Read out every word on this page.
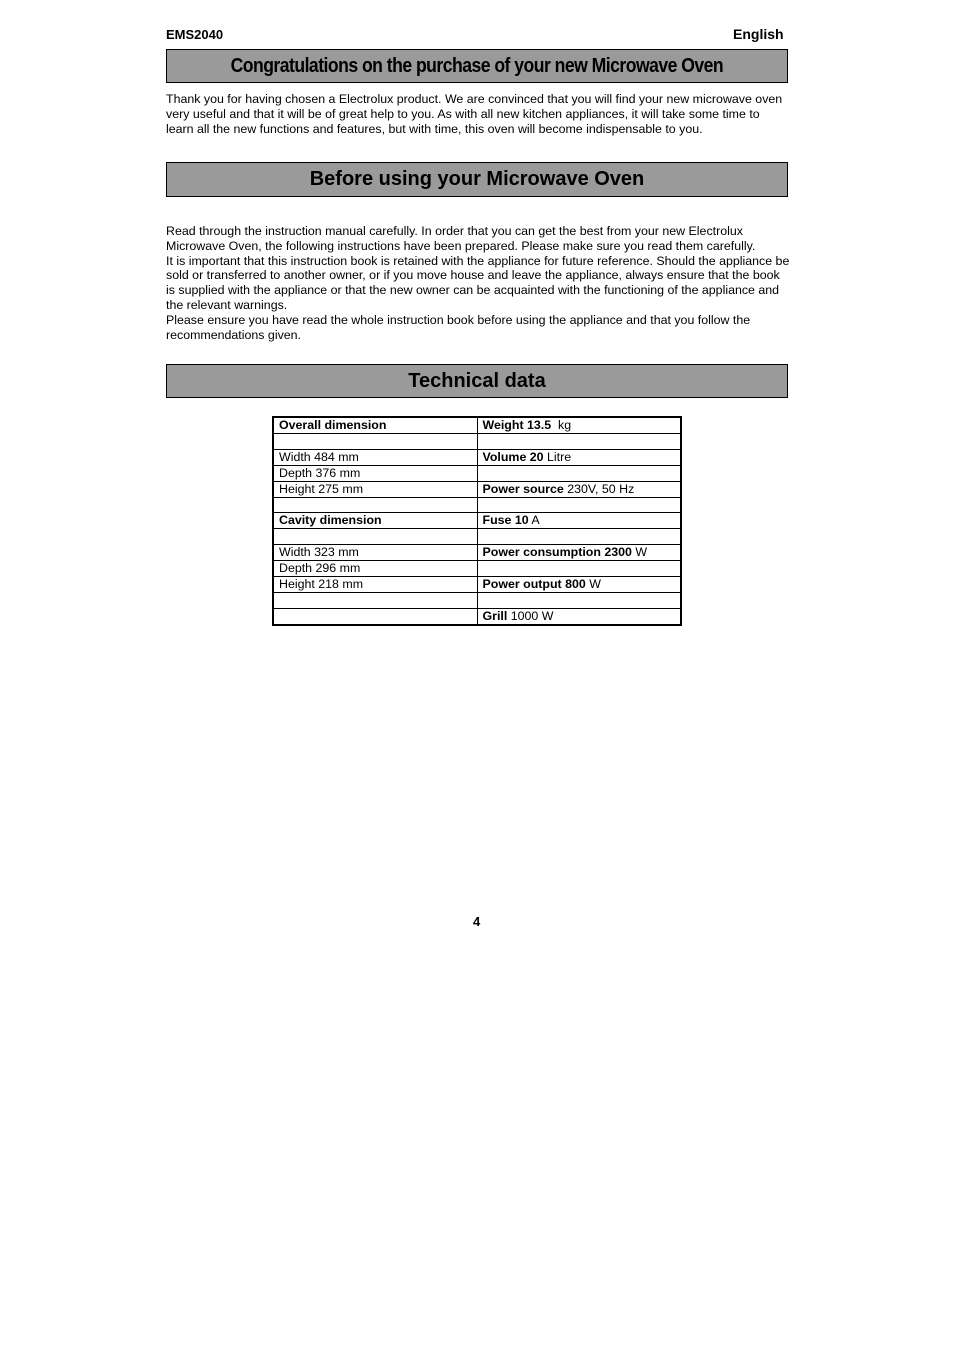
EMS2040	English
Congratulations on the purchase of your new Microwave Oven

Thank you for having chosen a Electrolux product. We are convinced that you will find your new microwave oven very useful and that it will be of great help to you. As with all new kitchen appliances, it will take some time to learn all the new functions and features, but with time, this oven will become indispensable to you.

Before using your Microwave Oven
Read through the instruction manual carefully. In order that you can get the best from your new Electrolux Microwave Oven, the following instructions have been prepared. Please make sure you read them carefully.
It is important that this instruction book is retained with the appliance for future reference. Should the appliance be sold or transferred to another owner, or if you move house and leave the appliance, always ensure that the book is supplied with the appliance or that the new owner can be acquainted with the functioning of the appliance and the relevant warnings.
Please ensure you have read the whole instruction book before using the appliance and that you follow the recommendations given.
Technical data
Overall dimension	Weight 13.5  kg

Width 484 mm	Volume 20 Litre
Depth 376 mm	
Height 275 mm	Power source 230V, 50 Hz

Cavity dimension	Fuse 10 A

Width 323 mm	Power consumption 2300 W
Depth 296 mm	
Height 218 mm	Power output 800 W

	Grill 1000 W
4
